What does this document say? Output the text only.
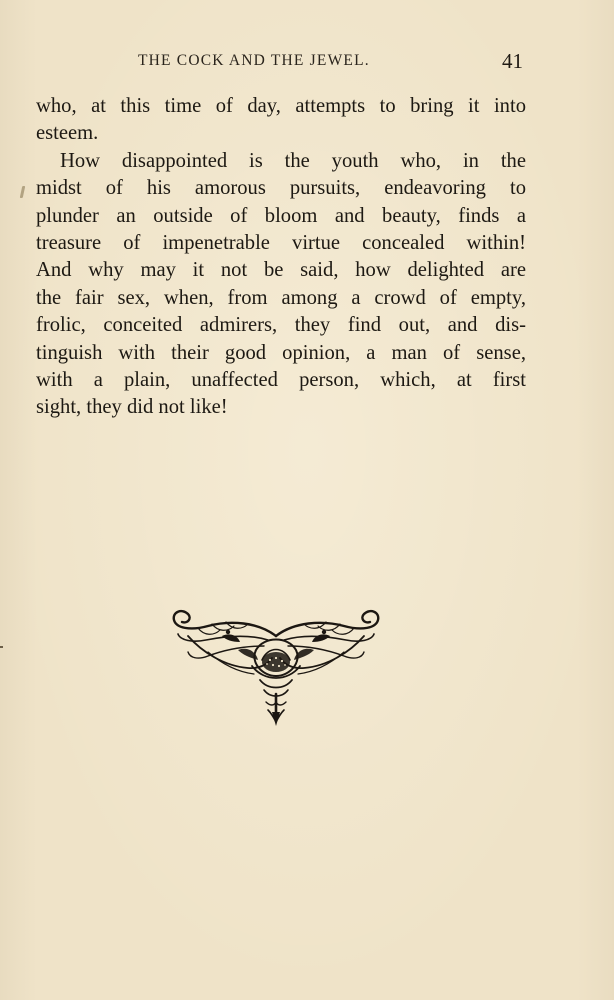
THE COCK AND THE JEWEL.	41
who, at this time of day, attempts to bring it into
esteem.
How disappointed is the youth who, in the
midst of his amorous pursuits, endeavoring to
plunder an outside of bloom and beauty, finds a
treasure of impenetrable virtue concealed within!
And why may it not be said, how delighted are
the fair sex, when, from among a crowd of empty,
frolic, conceited admirers, they find out, and dis-
tinguish with their good opinion, a man of sense,
with a plain, unaffected person, which, at first
sight, they did not like!
